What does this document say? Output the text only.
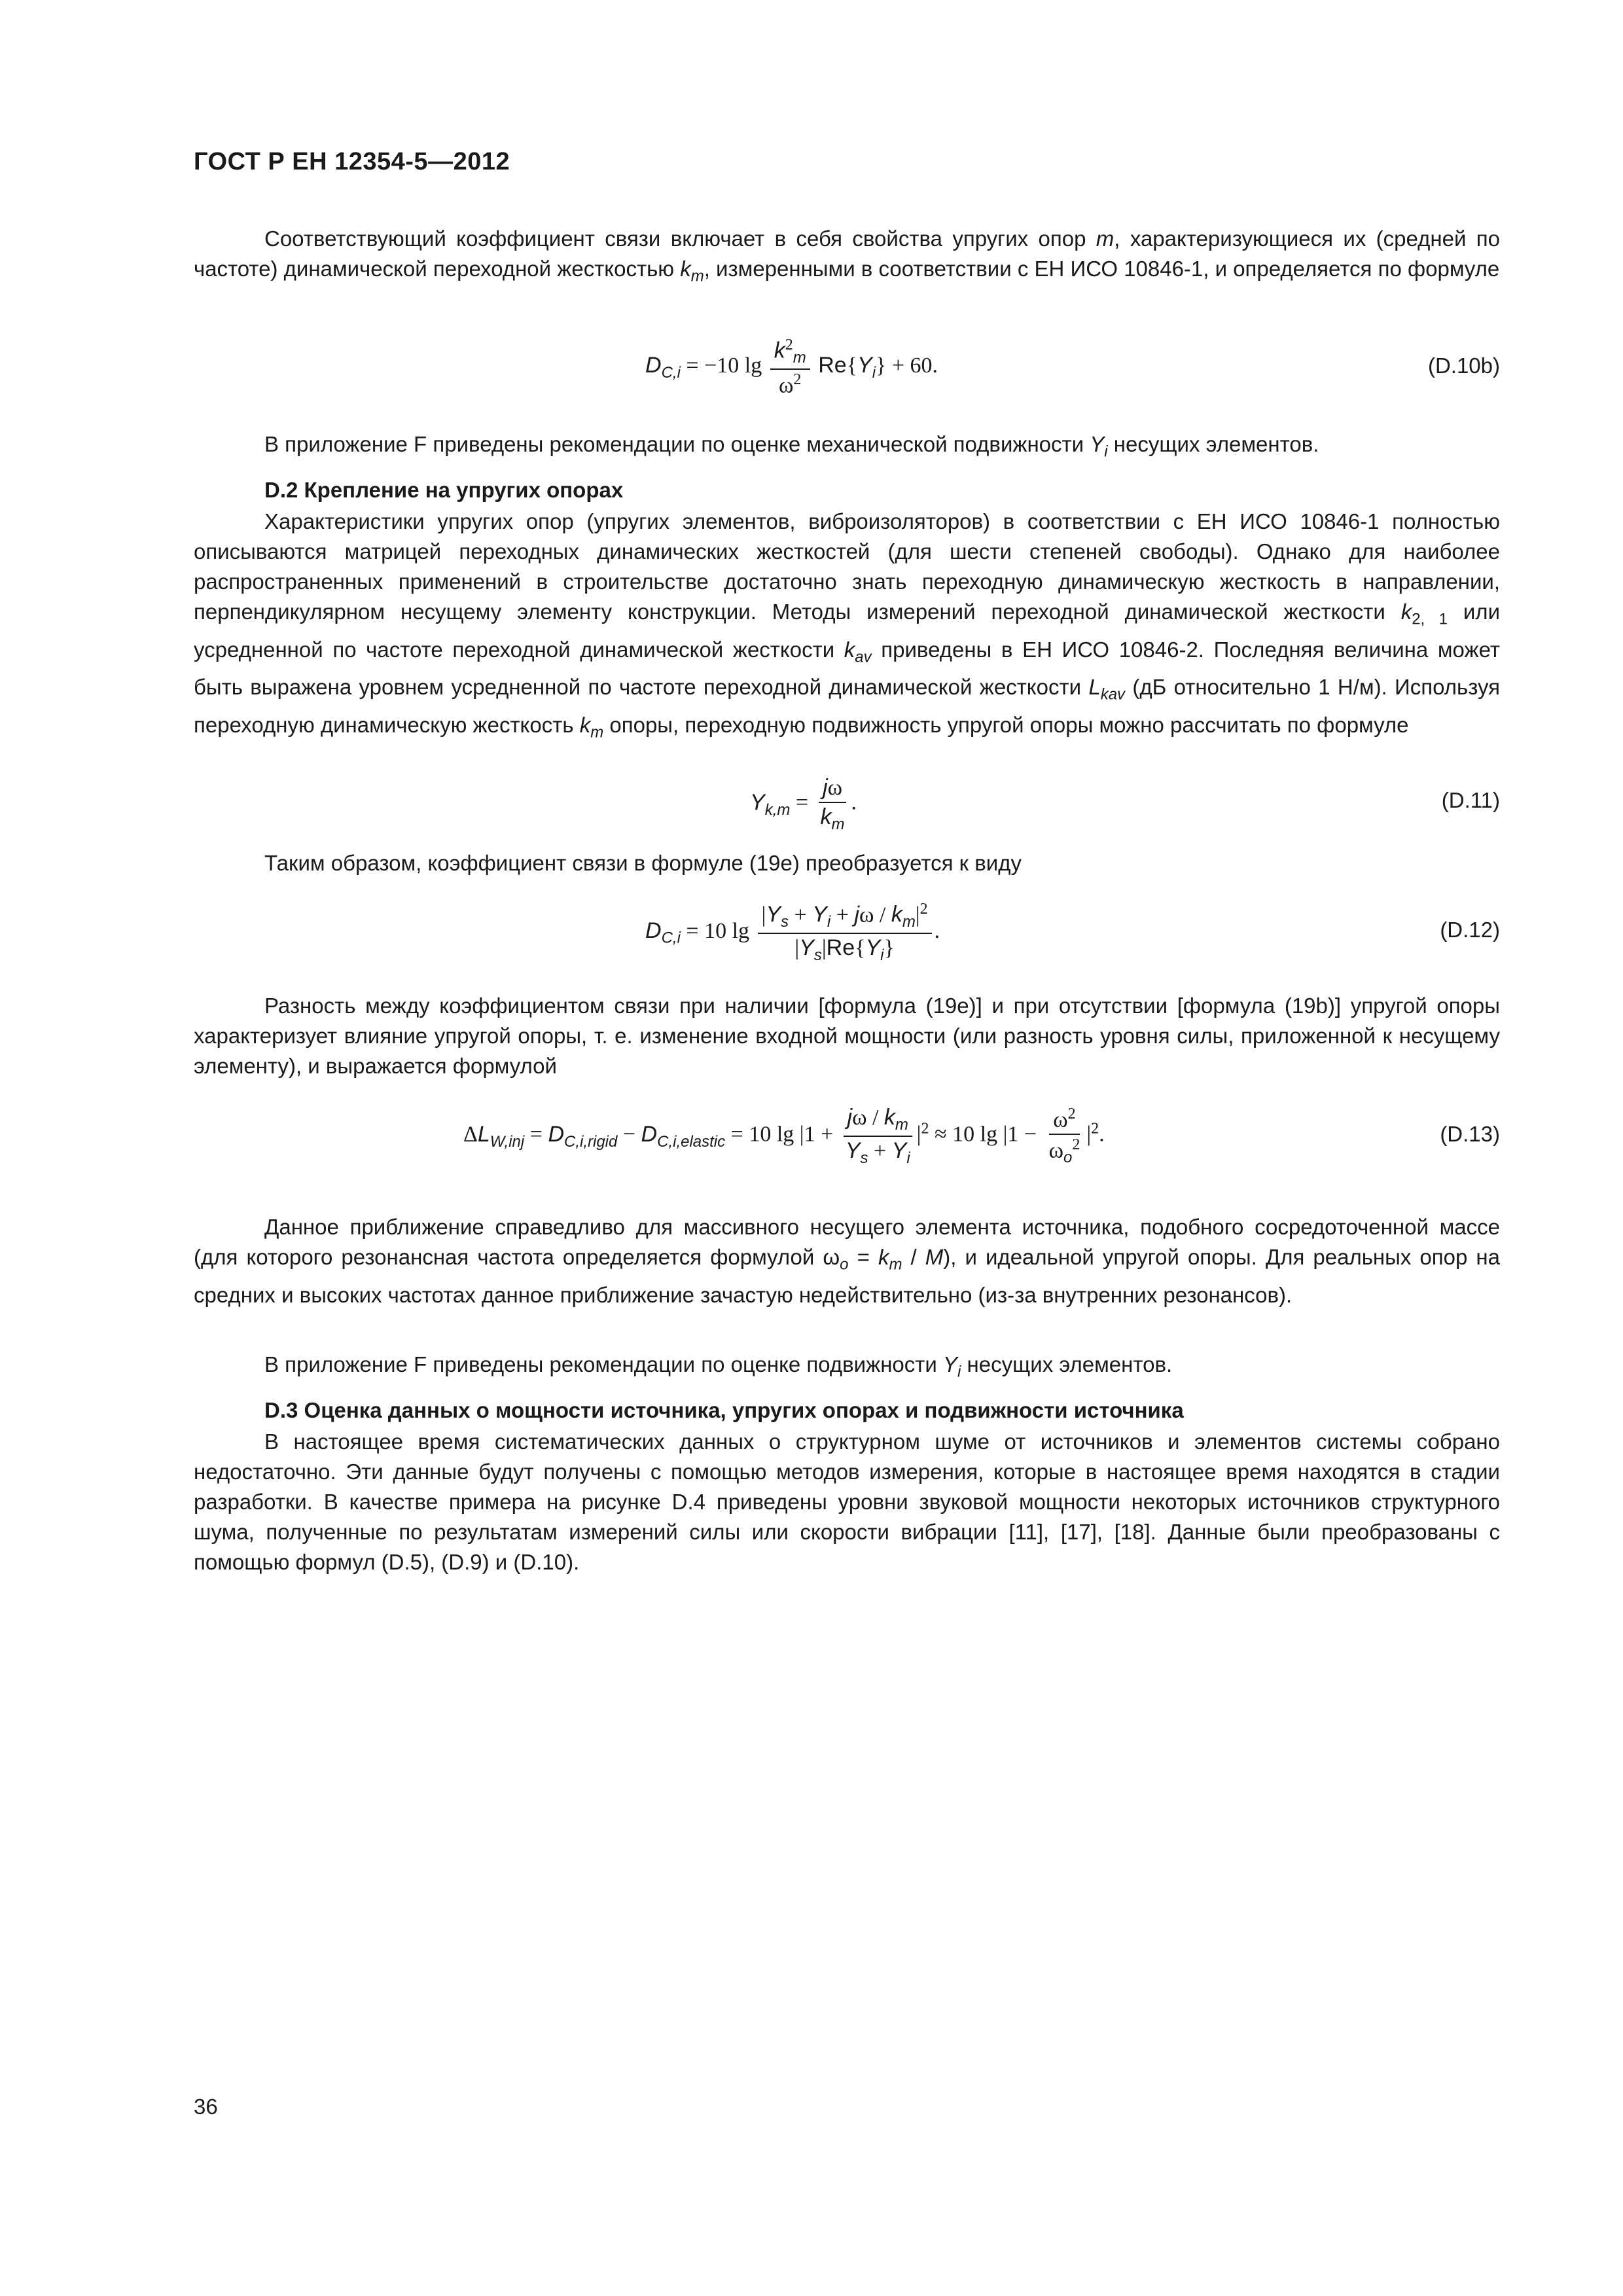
ГОСТ Р ЕН 12354-5—2012

Соответствующий коэффициент связи включает в себя свойства упругих опор m, характеризующиеся их (средней по частоте) динамической переходной жесткостью $k_m$, измеренными в соответствии с ЕН ИСО 10846-1, и определяется по формуле

$D_{C,i} = -10$ $\lg \frac{k^2_m}{\omega^2} Re\{Y_i\} + 60$.	(D.10b)

В приложение F приведены рекомендации по оценке механической подвижности $Y_i$ несущих элементов.

D.2 Крепление на упругих опорах

Характеристики упругих опор (упругих элементов, виброизоляторов) в соответствии с ЕН ИСО 10846-1 полностью описываются матрицей переходных динамических жесткостей (для шести степеней свободы). Однако для наиболее распространенных применений в строительстве достаточно знать переходную динамическую жесткость в направлении, перпендикулярном несущему элементу конструкции. Методы измерений переходной динамической жесткости $k_{2, 1}$ или усредненной по частоте переходной динамической жесткости $k_{av}$ приведены в ЕН ИСО 10846-2. Последняя величина может быть выражена уровнем усредненной по частоте переходной динамической жесткости $L_{kav}$ (дБ относительно 1 Н/м). Используя переходную динамическую жесткость $k_m$ опоры, переходную подвижность упругой опоры можно рассчитать по формуле

$Y_{k,m} = \frac{j\omega}{k_m}$ .	(D.11)

Таким образом, коэффициент связи в формуле (19e) преобразуется к виду

$D_{C,i} = 10$ $\lg \frac{|Y_s + Y_i + j\omega / k_m|^2}{|Y_s|Re\{Y_i\}}$ .	(D.12)

Разность между коэффициентом связи при наличии [формула (19e)] и при отсутствии [формула (19b)] упругой опоры характеризует влияние упругой опоры, т. е. изменение входной мощности (или разность уровня силы, приложенной к несущему элементу), и выражается формулой

$\Delta L_{W,inj} = D_{C,i,rigid} - D_{C,i,elastic} = 10$ $\lg |1 + \frac{j\omega / k_m}{Y_s + Y_i} |^2 \approx 10$ $\lg |1 - \frac{\omega^2}{\omega_o^2} |^2$.	(D.13)

Данное приближение справедливо для массивного несущего элемента источника, подобного сосредоточенной массе (для которого резонансная частота определяется формулой $\omega_o = k_m / M$), и идеальной упругой опоры. Для реальных опор на средних и высоких частотах данное приближение зачастую недействительно (из-за внутренних резонансов).

В приложение F приведены рекомендации по оценке подвижности $Y_i$ несущих элементов.

D.3 Оценка данных о мощности источника, упругих опорах и подвижности источника

В настоящее время систематических данных о структурном шуме от источников и элементов системы собрано недостаточно. Эти данные будут получены с помощью методов измерения, которые в настоящее время находятся в стадии разработки. В качестве примера на рисунке D.4 приведены уровни звуковой мощности некоторых источников структурного шума, полученные по результатам измерений силы или скорости вибрации [11], [17], [18]. Данные были преобразованы с помощью формул (D.5), (D.9) и (D.10).

36
